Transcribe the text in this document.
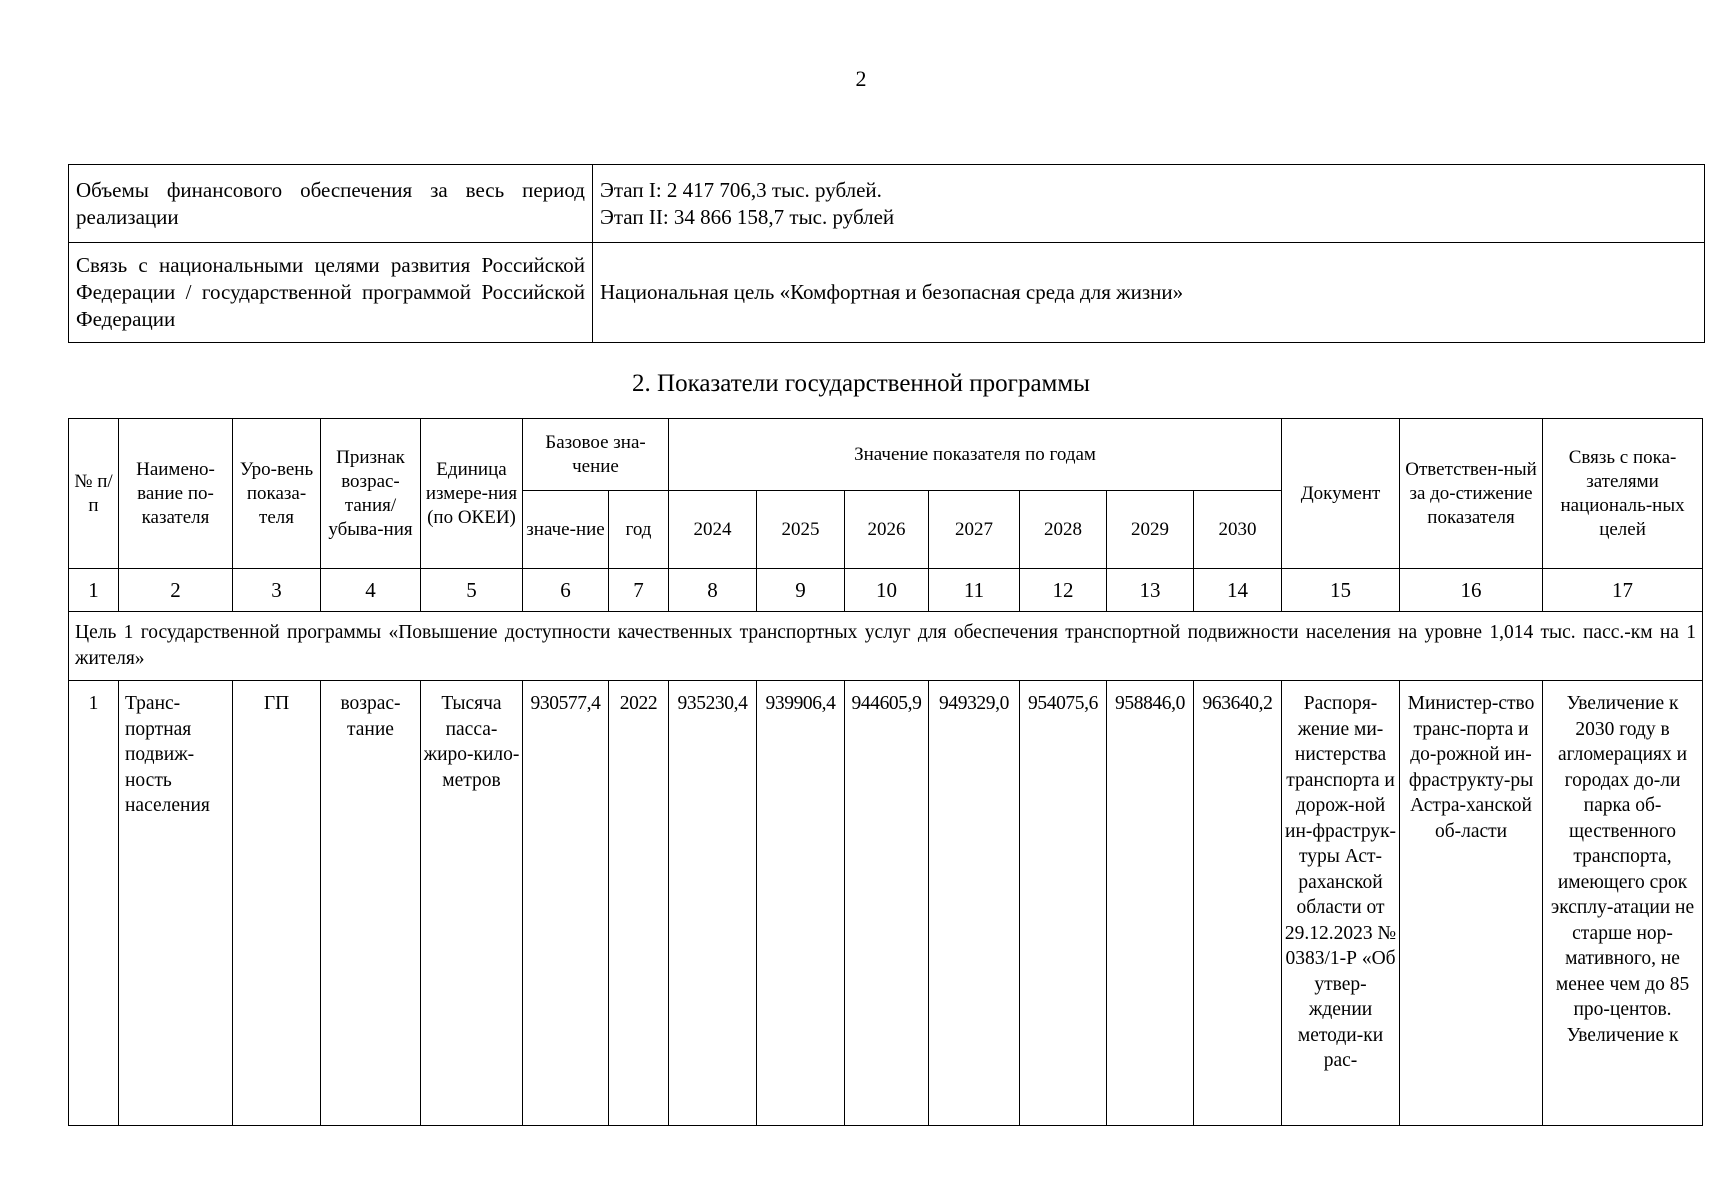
2
Объемы финансового обеспечения за весь период реализации	Этап I: 2 417 706,3 тыс. рублей.
Этап II: 34 866 158,7 тыс. рублей

Связь с национальными целями развития Российской Федерации / государственной программой Российской Федерации	Национальная цель «Комфортная и безопасная среда для жизни»
2. Показатели государственной программы
№ п/п	Наимено-вание по-казателя	Уро-вень показа-теля	Признак возрас-тания/ убыва-ния	Единица измере-ния (по ОКЕИ)	Базовое зна-чение		Значение показателя по годам							Документ	Ответствен-ный за до-стижение показателя	Связь с пока-зателями националь-ных целей
					значе-ние	год	2024	2025	2026	2027	2028	2029	2030			
1	2	3	4	5	6	7	8	9	10	11	12	13	14	15	16	17
Цель 1 государственной программы «Повышение доступности качественных транспортных услуг для обеспечения транспортной подвижности населения на уровне 1,014 тыс. пасс.-км на 1 жителя»																
1	Транс-портная подвиж-ность населения	ГП	возрас-тание	Тысяча пасса-жиро-кило-метров	930577,4	2022	935230,4	939906,4	944605,9	949329,0	954075,6	958846,0	963640,2	Распоря-жение ми-нистерства транспорта и дорож-ной ин-фраструк-туры Аст-раханской области от 29.12.2023 № 0383/1-Р «Об утвер-ждении методи-ки рас-	Министер-ство транс-порта и до-рожной ин-фраструкту-ры Астра-ханской об-ласти	Увеличение к 2030 году в агломерациях и городах до-ли парка об-щественного транспорта, имеющего срок эксплу-атации не старше нор-мативного, не менее чем до 85 про-центов. Увеличение к
